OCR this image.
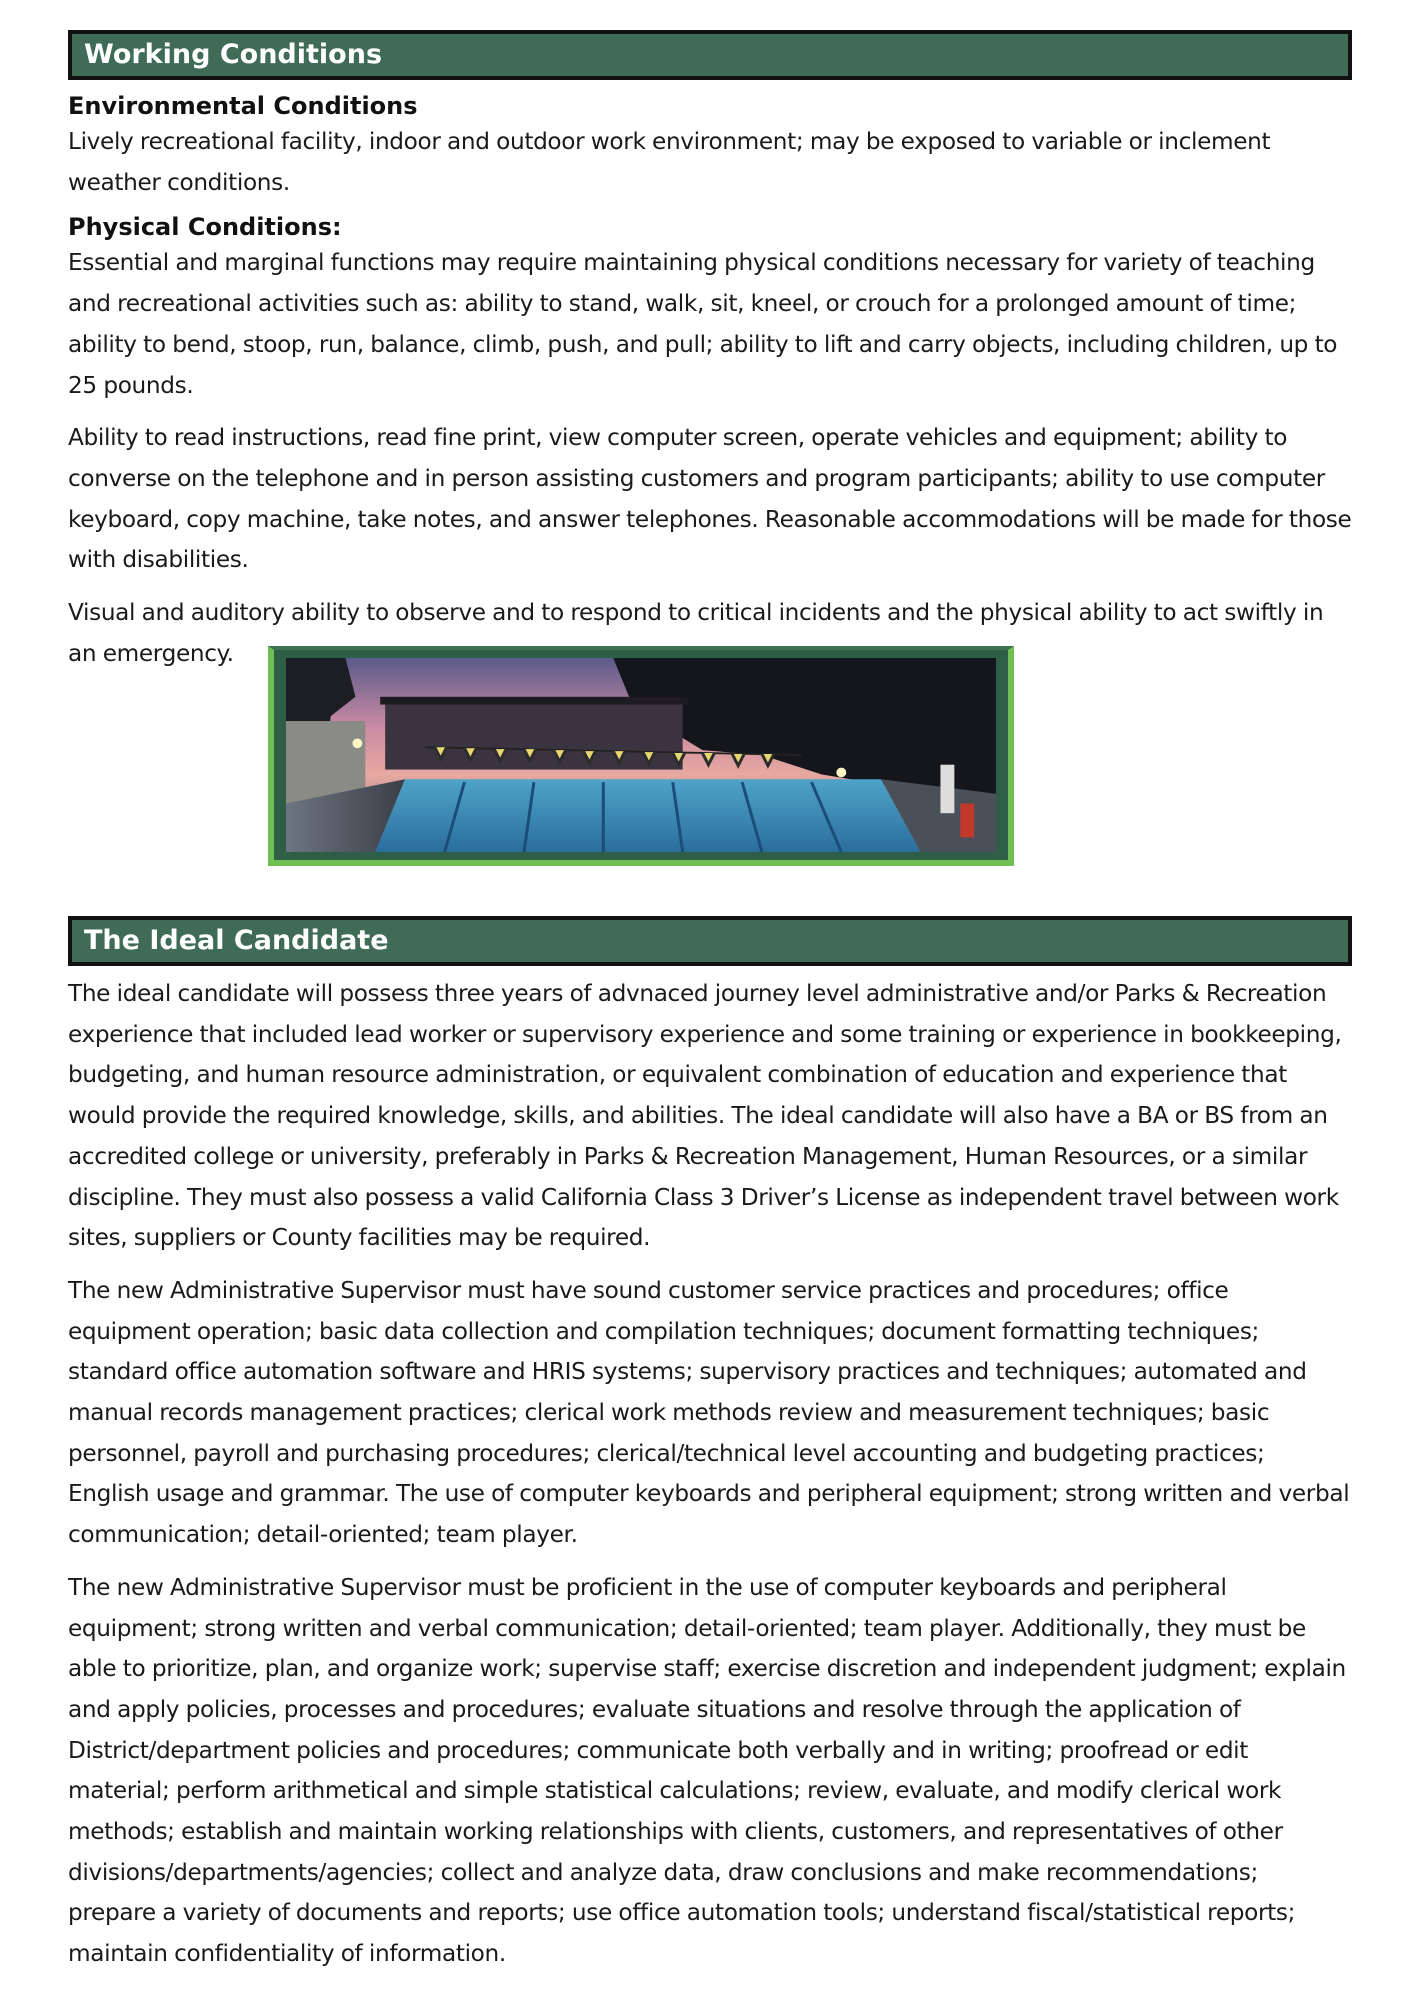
Working Conditions
Environmental Conditions

Lively recreational facility, indoor and outdoor work environment; may be exposed to variable or inclement weather conditions.

Physical Conditions:

Essential and marginal functions may require maintaining physical conditions necessary for variety of teaching and recreational activities such as: ability to stand, walk, sit, kneel, or crouch for a prolonged amount of time; ability to bend, stoop, run, balance, climb, push, and pull; ability to lift and carry objects, including children, up to 25 pounds.

Ability to read instructions, read fine print, view computer screen, operate vehicles and equipment; ability to converse on the telephone and in person assisting customers and program participants; ability to use computer keyboard, copy machine, take notes, and answer telephones. Reasonable accommodations will be made for those with disabilities.

Visual and auditory ability to observe and to respond to critical incidents and the physical ability to act swiftly in an emergency.

The Ideal Candidate

The ideal candidate will possess three years of advnaced journey level administrative and/or Parks & Recreation experience that included lead worker or supervisory experience and some training or experience in bookkeeping, budgeting, and human resource administration, or equivalent combination of education and experience that would provide the required knowledge, skills, and abilities. The ideal candidate will also have a BA or BS from an accredited college or university, preferably in Parks & Recreation Management, Human Resources, or a similar discipline. They must also possess a valid California Class 3 Driver’s License as independent travel between work sites, suppliers or County facilities may be required.

The new Administrative Supervisor must have sound customer service practices and procedures; office equipment operation; basic data collection and compilation techniques; document formatting techniques; standard office automation software and HRIS systems; supervisory practices and techniques; automated and manual records management practices; clerical work methods review and measurement techniques; basic personnel, payroll and purchasing procedures; clerical/technical level accounting and budgeting practices; English usage and grammar. The use of computer keyboards and peripheral equipment; strong written and verbal communication; detail-oriented; team player.

The new Administrative Supervisor must be proficient in the use of computer keyboards and peripheral equipment; strong written and verbal communication; detail-oriented; team player. Additionally, they must be able to prioritize, plan, and organize work; supervise staff; exercise discretion and independent judgment; explain and apply policies, processes and procedures; evaluate situations and resolve through the application of District/department policies and procedures; communicate both verbally and in writing; proofread or edit material; perform arithmetical and simple statistical calculations; review, evaluate, and modify clerical work methods; establish and maintain working relationships with clients, customers, and representatives of other divisions/departments/agencies; collect and analyze data, draw conclusions and make recommendations; prepare a variety of documents and reports; use office automation tools; understand fiscal/statistical reports; maintain confidentiality of information.
